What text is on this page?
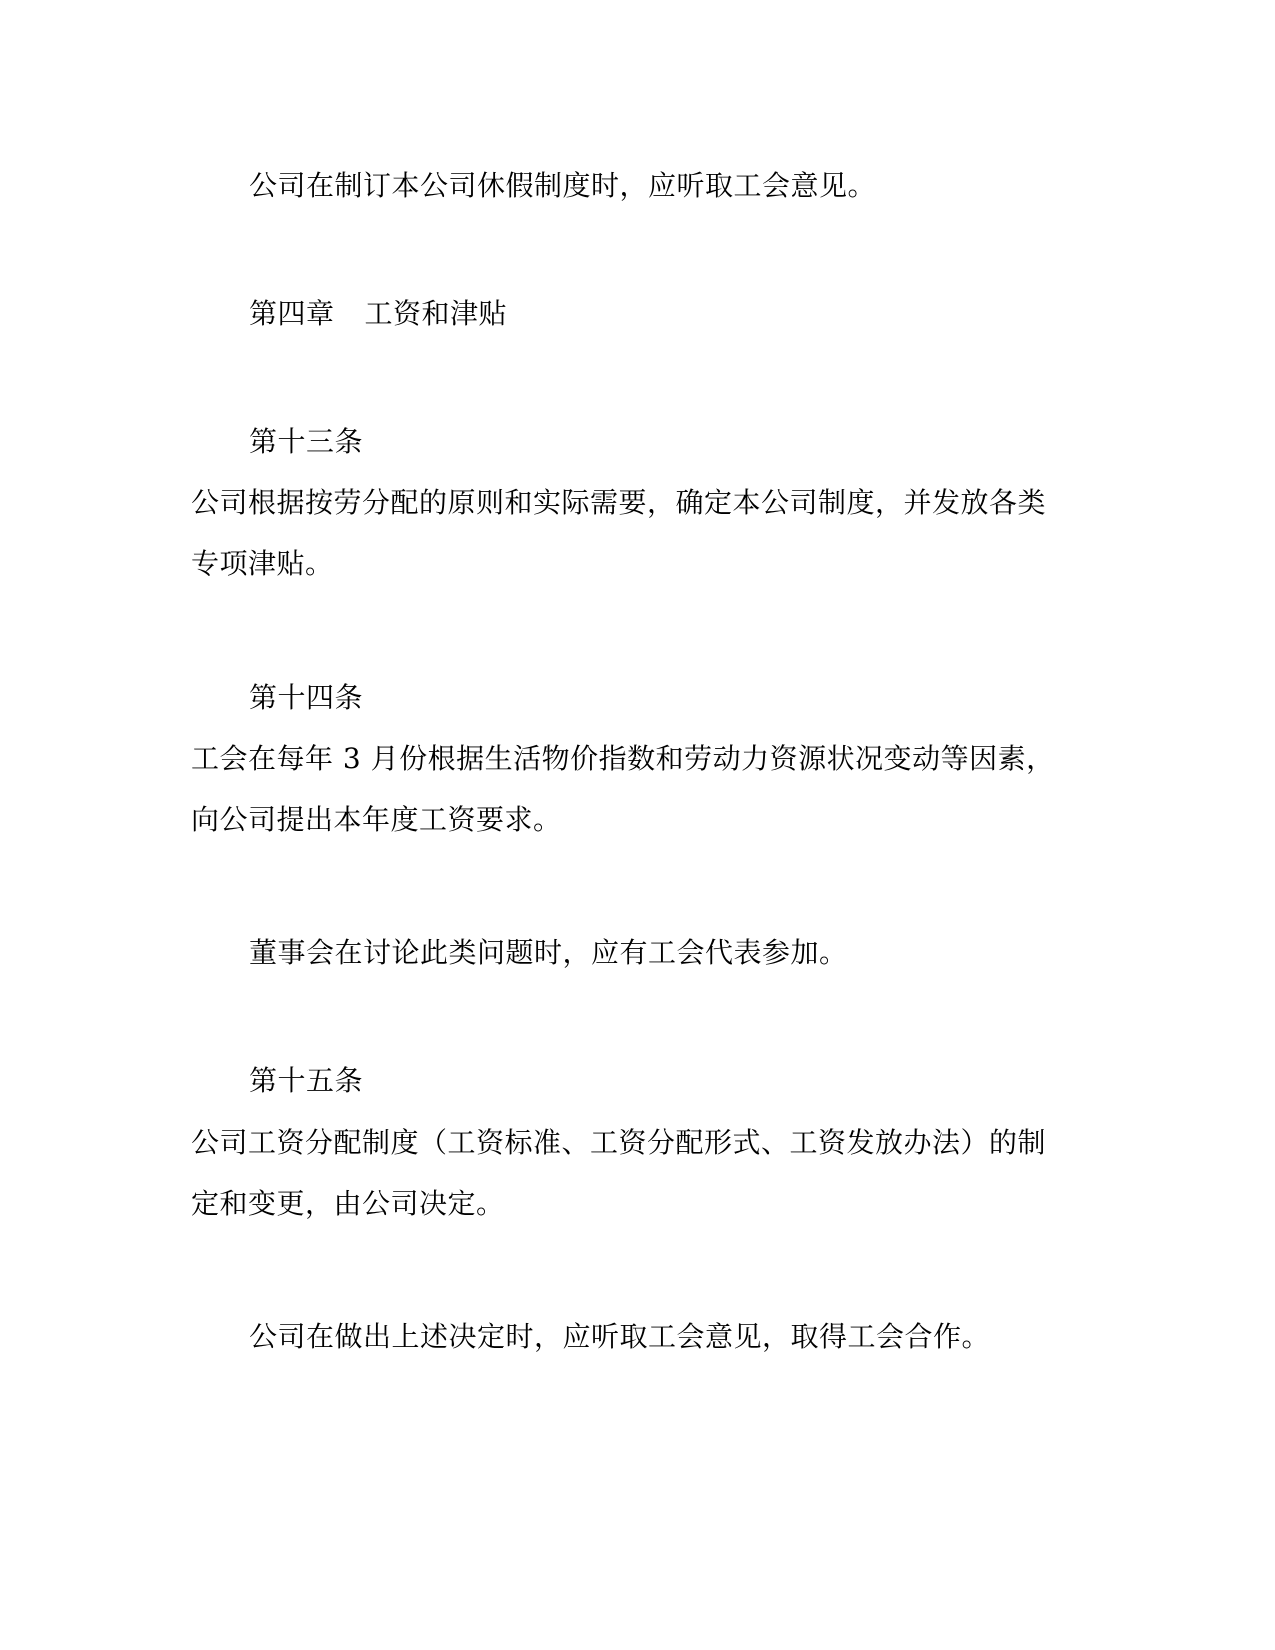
公司在制订本公司休假制度时，应听取工会意见。
第四章 工资和津贴
第十三条
公司根据按劳分配的原则和实际需要，确定本公司制度，并发放各类
专项津贴。
第十四条
工会在每年 3 月份根据生活物价指数和劳动力资源状况变动等因素，
向公司提出本年度工资要求。
董事会在讨论此类问题时，应有工会代表参加。
第十五条
公司工资分配制度（工资标准、工资分配形式、工资发放办法）的制
定和变更，由公司决定。
公司在做出上述决定时，应听取工会意见，取得工会合作。
